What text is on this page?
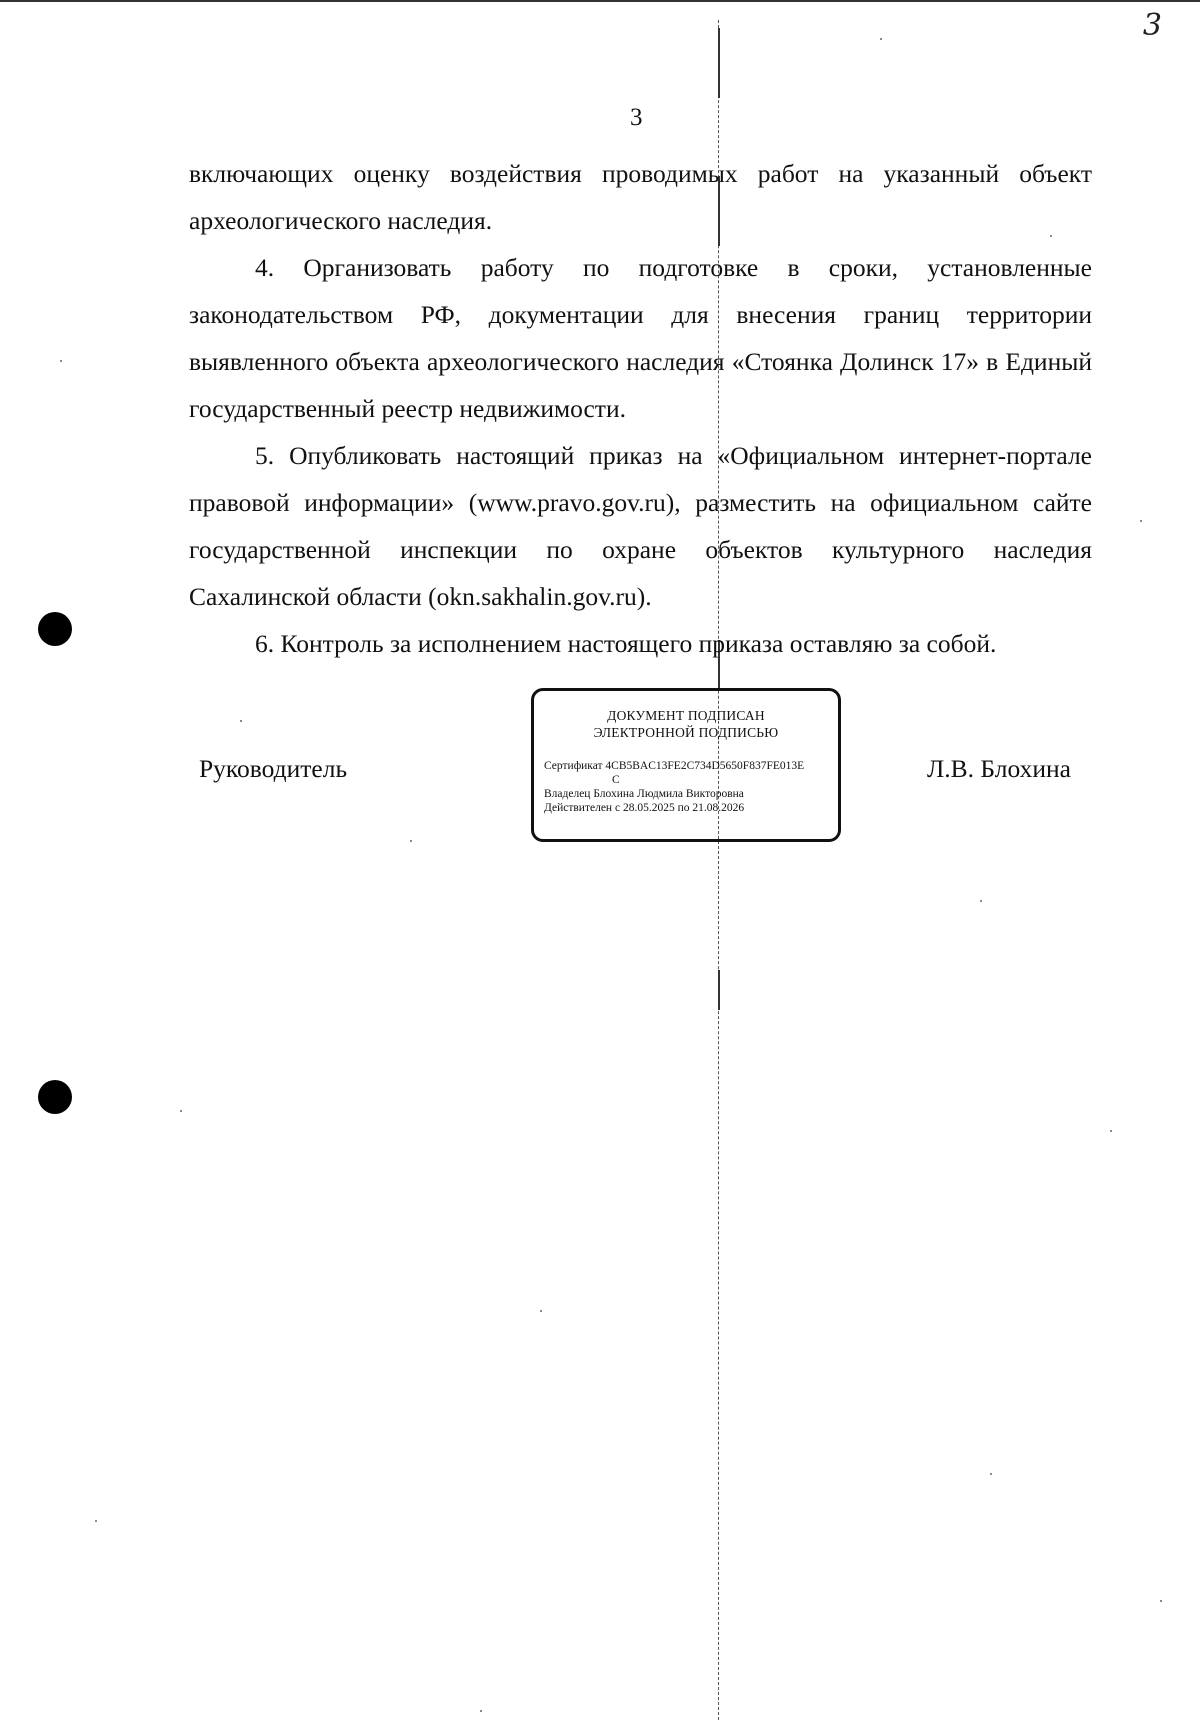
3
3

включающих оценку воздействия проводимых работ на указанный объект археологического наследия.

4. Организовать работу по подготовке в сроки, установленные законодательством РФ, документации для внесения границ территории выявленного объекта археологического наследия «Стоянка Долинск 17» в Единый государственный реестр недвижимости.

5. Опубликовать настоящий приказ на «Официальном интернет-портале правовой информации» (www.pravo.gov.ru), разместить на официальном сайте государственной инспекции по охране объектов культурного наследия Сахалинской области (okn.sakhalin.gov.ru).

6. Контроль за исполнением настоящего приказа оставляю за собой.

Руководитель
ДОКУМЕНТ ПОДПИСАН
ЭЛЕКТРОННОЙ ПОДПИСЬЮ
Сертификат 4CB5BAC13FE2C734D5650F837FE013E
C
Владелец Блохина Людмила Викторовна
Действителен с 28.05.2025 по 21.08.2026
Л.В. Блохина
